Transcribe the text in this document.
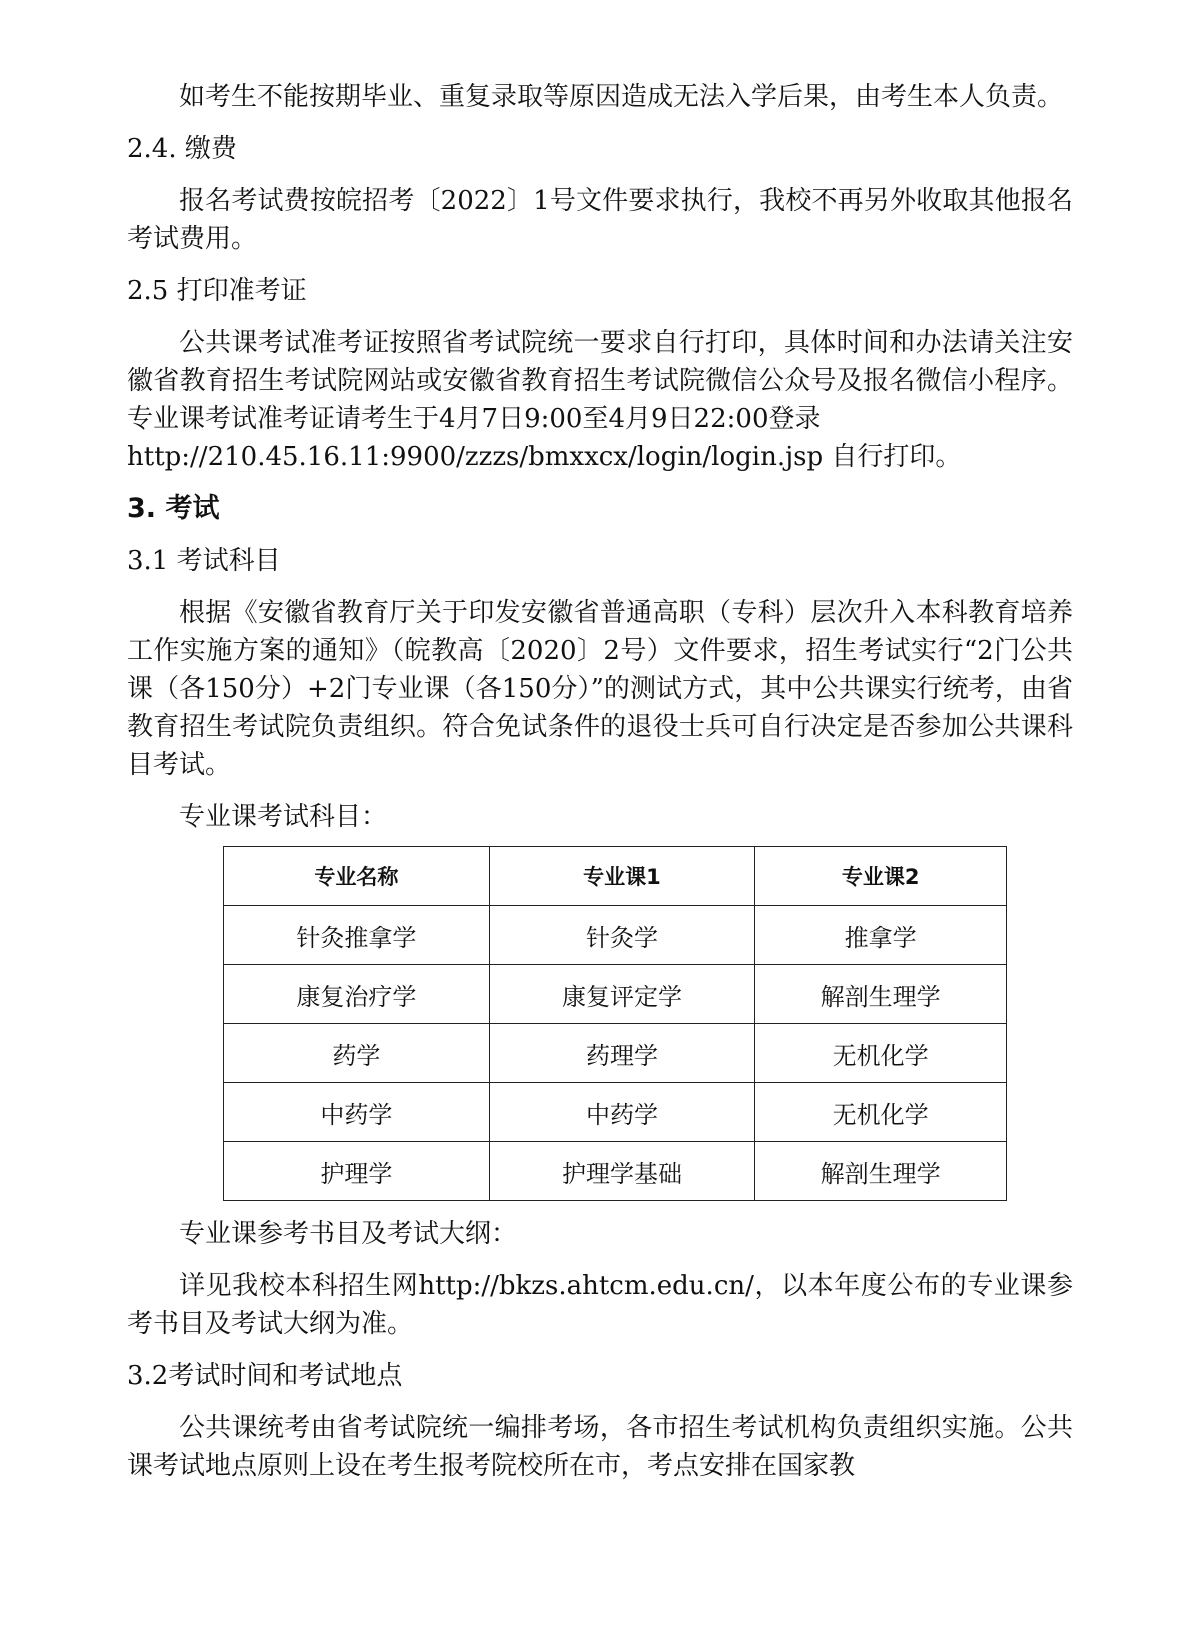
如考生不能按期毕业、重复录取等原因造成无法入学后果，由考生本人负责。

2.4. 缴费

报名考试费按皖招考〔2022〕1号文件要求执行，我校不再另外收取其他报名考试费用。

2.5 打印准考证

公共课考试准考证按照省考试院统一要求自行打印，具体时间和办法请关注安徽省教育招生考试院网站或安徽省教育招生考试院微信公众号及报名微信小程序。专业课考试准考证请考生于4月7日9:00至4月9日22:00登录
http://210.45.16.11:9900/zzzs/bmxxcx/login/login.jsp 自行打印。

3. 考试

3.1 考试科目

根据《安徽省教育厅关于印发安徽省普通高职（专科）层次升入本科教育培养工作实施方案的通知》（皖教高〔2020〕2号）文件要求，招生考试实行“2门公共课（各150分）+2门专业课（各150分）”的测试方式，其中公共课实行统考，由省教育招生考试院负责组织。符合免试条件的退役士兵可自行决定是否参加公共课科目考试。

专业课考试科目：

专业名称	专业课1	专业课2
针灸推拿学	针灸学	推拿学
康复治疗学	康复评定学	解剖生理学
药学	药理学	无机化学
中药学	中药学	无机化学
护理学	护理学基础	解剖生理学

专业课参考书目及考试大纲：

详见我校本科招生网http://bkzs.ahtcm.edu.cn/，以本年度公布的专业课参考书目及考试大纲为准。

3.2考试时间和考试地点

公共课统考由省考试院统一编排考场，各市招生考试机构负责组织实施。公共课考试地点原则上设在考生报考院校所在市，考点安排在国家教
